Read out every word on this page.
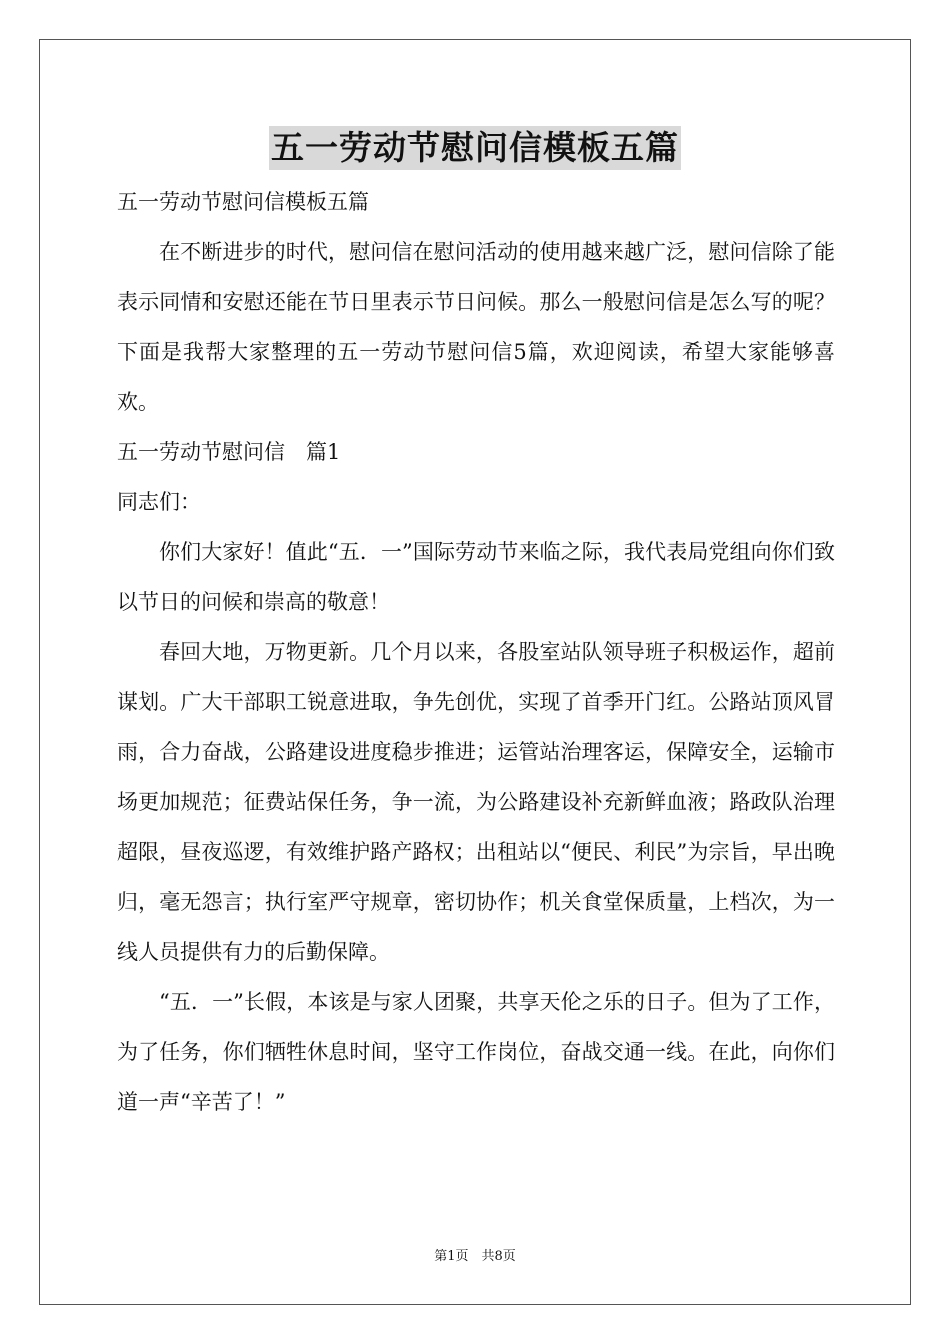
五一劳动节慰问信模板五篇

五一劳动节慰问信模板五篇

在不断进步的时代，慰问信在慰问活动的使用越来越广泛，慰问信除了能表示同情和安慰还能在节日里表示节日问候。那么一般慰问信是怎么写的呢？下面是我帮大家整理的五一劳动节慰问信5篇，欢迎阅读，希望大家能够喜欢。

五一劳动节慰问信　篇1

同志们：

你们大家好！值此“五．一”国际劳动节来临之际，我代表局党组向你们致以节日的问候和崇高的敬意！

春回大地，万物更新。几个月以来，各股室站队领导班子积极运作，超前谋划。广大干部职工锐意进取，争先创优，实现了首季开门红。公路站顶风冒雨，合力奋战，公路建设进度稳步推进；运管站治理客运，保障安全，运输市场更加规范；征费站保任务，争一流，为公路建设补充新鲜血液；路政队治理超限，昼夜巡逻，有效维护路产路权；出租站以“便民、利民”为宗旨，早出晚归，毫无怨言；执行室严守规章，密切协作；机关食堂保质量，上档次，为一线人员提供有力的后勤保障。

“五．一”长假，本该是与家人团聚，共享天伦之乐的日子。但为了工作，为了任务，你们牺牲休息时间，坚守工作岗位，奋战交通一线。在此，向你们道一声“辛苦了！”

第1页　共8页
